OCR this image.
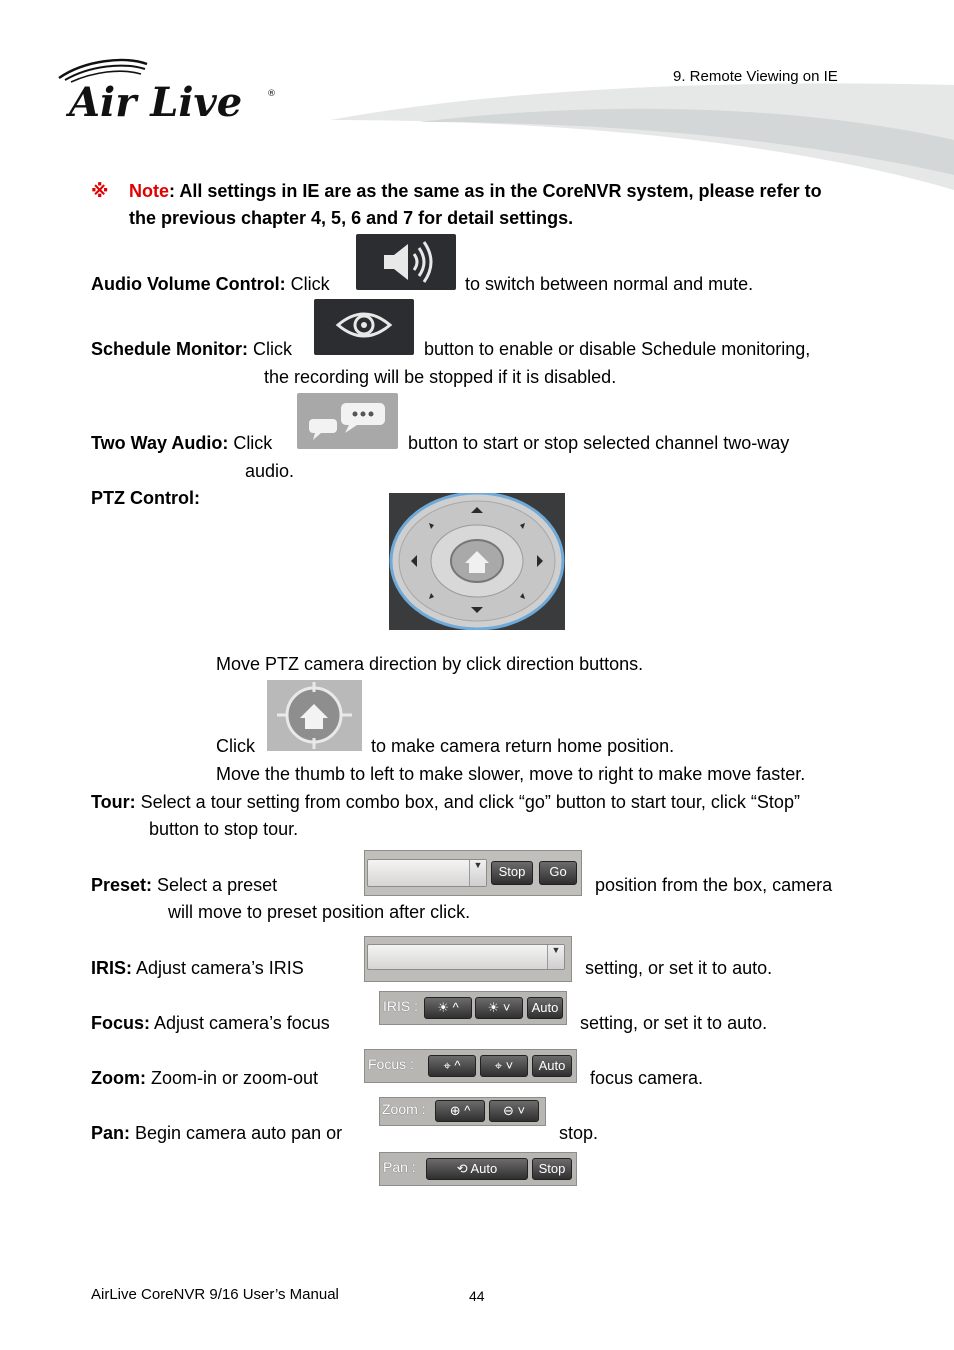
Air Live	®
9. Remote Viewing on IE
※ Note: All settings in IE are as the same as in the CoreNVR system, please refer to
the previous chapter 4, 5, 6 and 7 for detail settings.
Audio Volume Control: Click	to switch between normal and mute.
Schedule Monitor: Click	button to enable or disable Schedule monitoring,
the recording will be stopped if it is disabled.
Two Way Audio: Click	button to start or stop selected channel two-way
audio.
PTZ Control:
Move PTZ camera direction by click direction buttons.
Click	to make camera return home position.
Move the thumb to left to make slower, move to right to make move faster.
Tour: Select a tour setting from combo box, and click “go” button to start tour, click “Stop”
button to stop tour.
Preset: Select a preset
▼	Stop	Go
position from the box, camera
will move to preset position after click.
IRIS: Adjust camera’s IRIS
▼
setting, or set it to auto.
Focus: Adjust camera’s focus
IRIS :	☀ ^	☀ ˅	Auto
setting, or set it to auto.
Zoom: Zoom-in or zoom-out
Focus :	⌖ ^	⌖ ˅	Auto
focus camera.
Zoom :	⊕ ^	⊖ ˅
Pan: Begin camera auto pan or	stop.
Pan :	⟲ Auto	Stop
AirLive CoreNVR 9/16 User’s Manual	44
